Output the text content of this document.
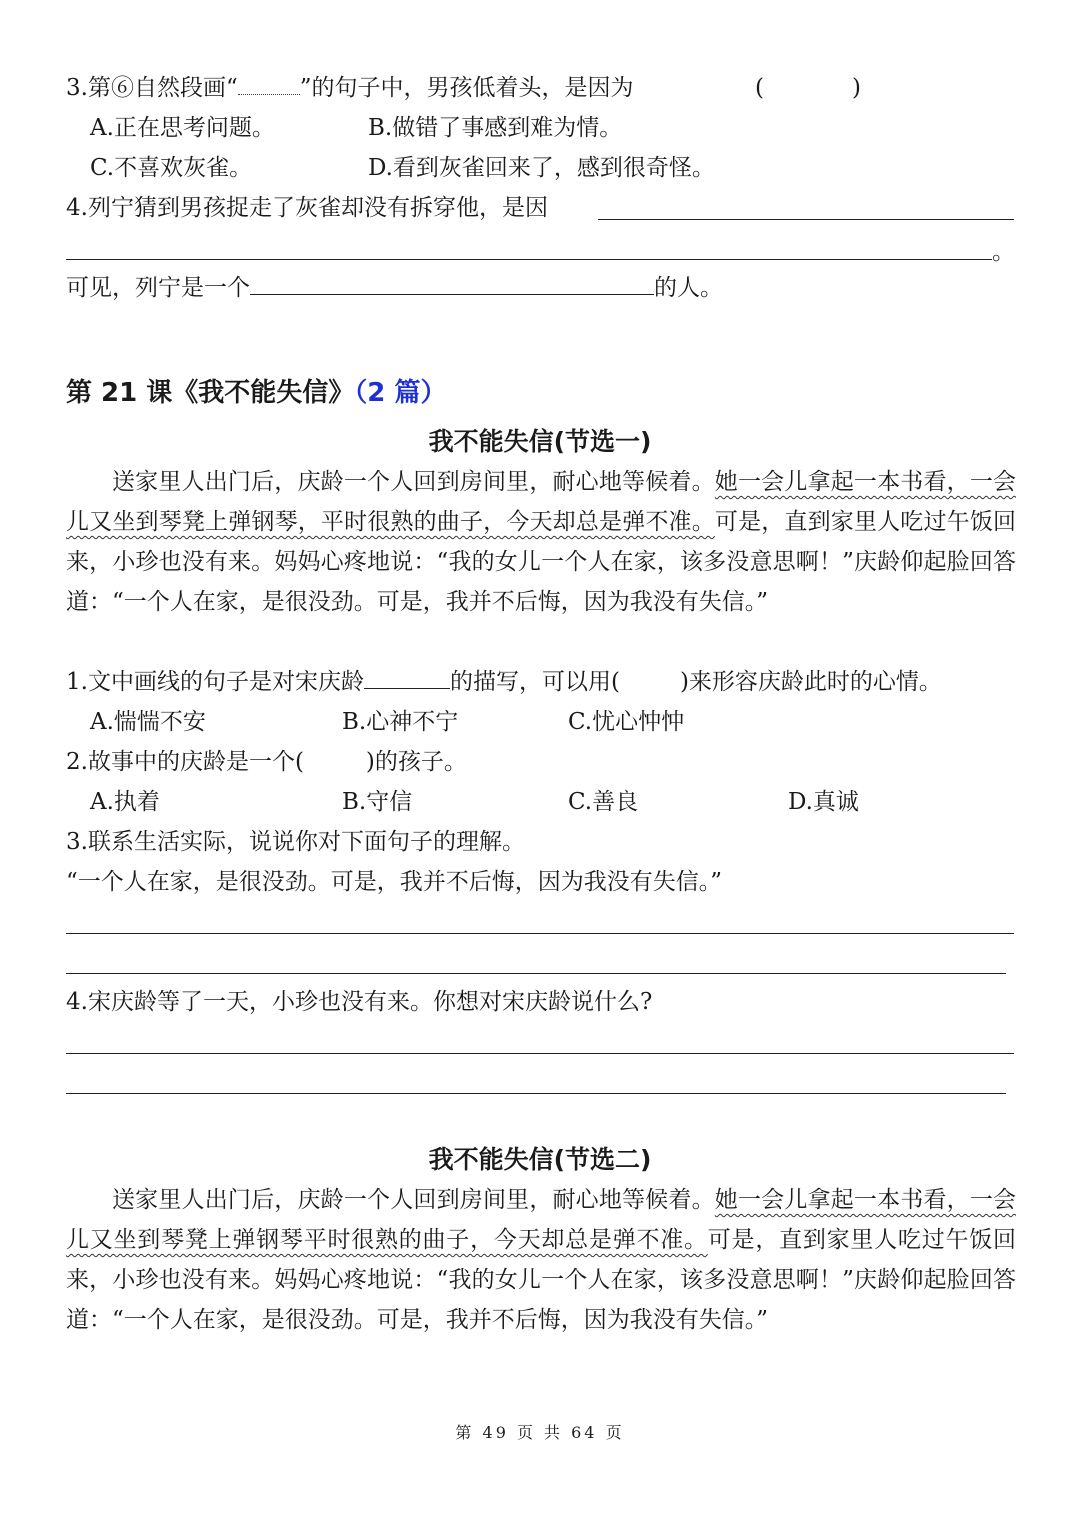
3.第⑥自然段画“	”的句子中，男孩低着头，是因为	(	)
A.正在思考问题。	B.做错了事感到难为情。
C.不喜欢灰雀。	D.看到灰雀回来了，感到很奇怪。
4.列宁猜到男孩捉走了灰雀却没有拆穿他，是因
。
可见，列宁是一个	的人。
第 21 课《我不能失信》（2 篇）
我不能失信(节选一)
送家里人出门后，庆龄一个人回到房间里，耐心地等候着。她一会儿拿起一本书看，一会儿又坐到琴凳上弹钢琴，平时很熟的曲子，今天却总是弹不准。可是，直到家里人吃过午饭回来，小珍也没有来。妈妈心疼地说：“我的女儿一个人在家，该多没意思啊！”庆龄仰起脸回答道：“一个人在家，是很没劲。可是，我并不后悔，因为我没有失信。”
1.文中画线的句子是对宋庆龄	的描写，可以用(	)来形容庆龄此时的心情。
A.惴惴不安	B.心神不宁	C.忧心忡忡
2.故事中的庆龄是一个(	)的孩子。
A.执着	B.守信	C.善良	D.真诚
3.联系生活实际，说说你对下面句子的理解。
“一个人在家，是很没劲。可是，我并不后悔，因为我没有失信。”
4.宋庆龄等了一天，小珍也没有来。你想对宋庆龄说什么?
我不能失信(节选二)
送家里人出门后，庆龄一个人回到房间里，耐心地等候着。她一会儿拿起一本书看，一会儿又坐到琴凳上弹钢琴平时很熟的曲子，今天却总是弹不准。可是，直到家里人吃过午饭回来，小珍也没有来。妈妈心疼地说：“我的女儿一个人在家，该多没意思啊！”庆龄仰起脸回答道：“一个人在家，是很没劲。可是，我并不后悔，因为我没有失信。”
第 49 页 共 64 页
